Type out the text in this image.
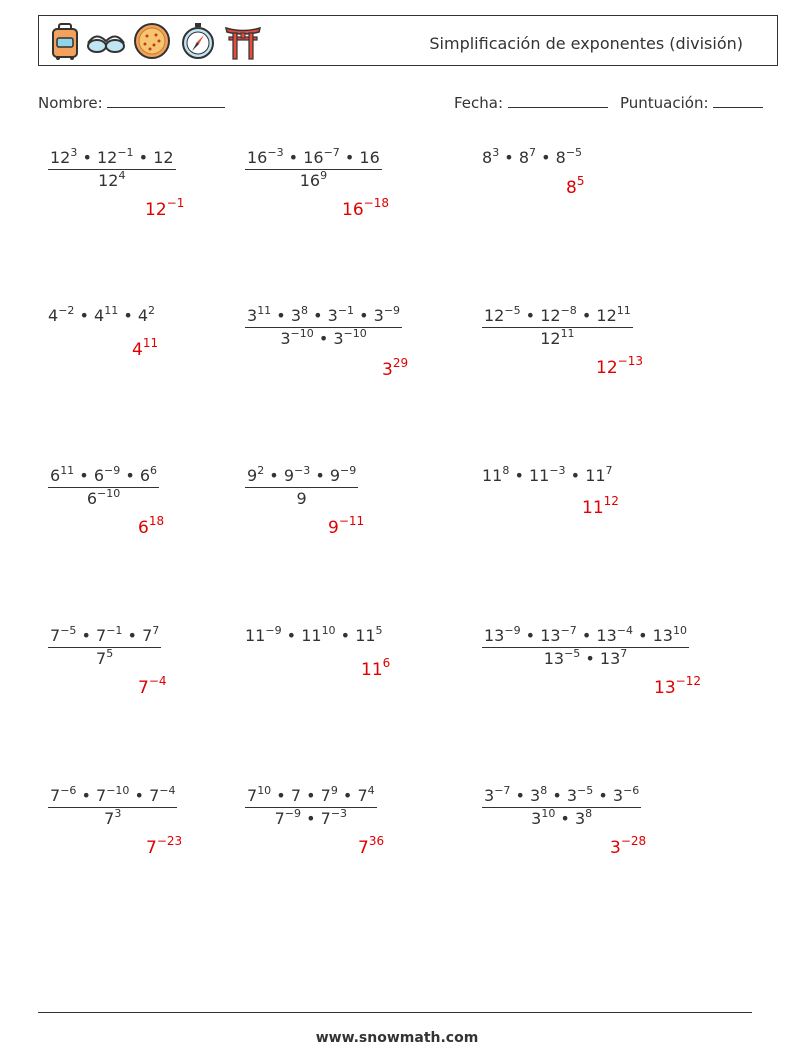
Simplificación de exponentes (división)
Nombre:	Fecha:	Puntuación:
$\frac{12^3 • 12^{-1} • 12}{12^4}$
$12^{-1}$
$\frac{16^{-3} • 16^{-7} • 16}{16^9}$
$16^{-18}$
$8^3$ • $8^7$ • $8^{-5}$
$8^5$
$4^{-2}$ • $4^{11}$ • $4^2$
$4^{11}$	$\frac{3^{11} • 3^8 • 3^{-1} • 3^{-9}}{3^{-10} • 3^{-10}}$
$3^{29}$
$\frac{12^{-5} • 12^{-8} • 12^{11}}{12^{11}}$
$12^{-13}$
$\frac{6^{11} • 6^{-9} • 6^6}{6^{-10}}$
$6^{18}$
$\frac{9^2 • 9^{-3} • 9^{-9}}{9}$
$9^{-11}$
$11^8$ • $11^{-3}$ • $11^7$
$11^{12}$
$\frac{7^{-5} • 7^{-1} • 7^7}{7^5}$
$7^{-4}$
$11^{-9}$ • $11^{10}$ • $11^5$
$11^6$	$\frac{13^{-9} • 13^{-7} • 13^{-4} • 13^{10}}{13^{-5} • 13^7}$
$13^{-12}$
$\frac{7^{-6} • 7^{-10} • 7^{-4}}{7^3}$
$7^{-23}$
$\frac{7^{10} • 7 • 7^9 • 7^4}{7^{-9} • 7^{-3}}$
$7^{36}$
$\frac{3^{-7} • 3^8 • 3^{-5} • 3^{-6}}{3^{10} • 3^8}$
$3^{-28}$
www.snowmath.com
